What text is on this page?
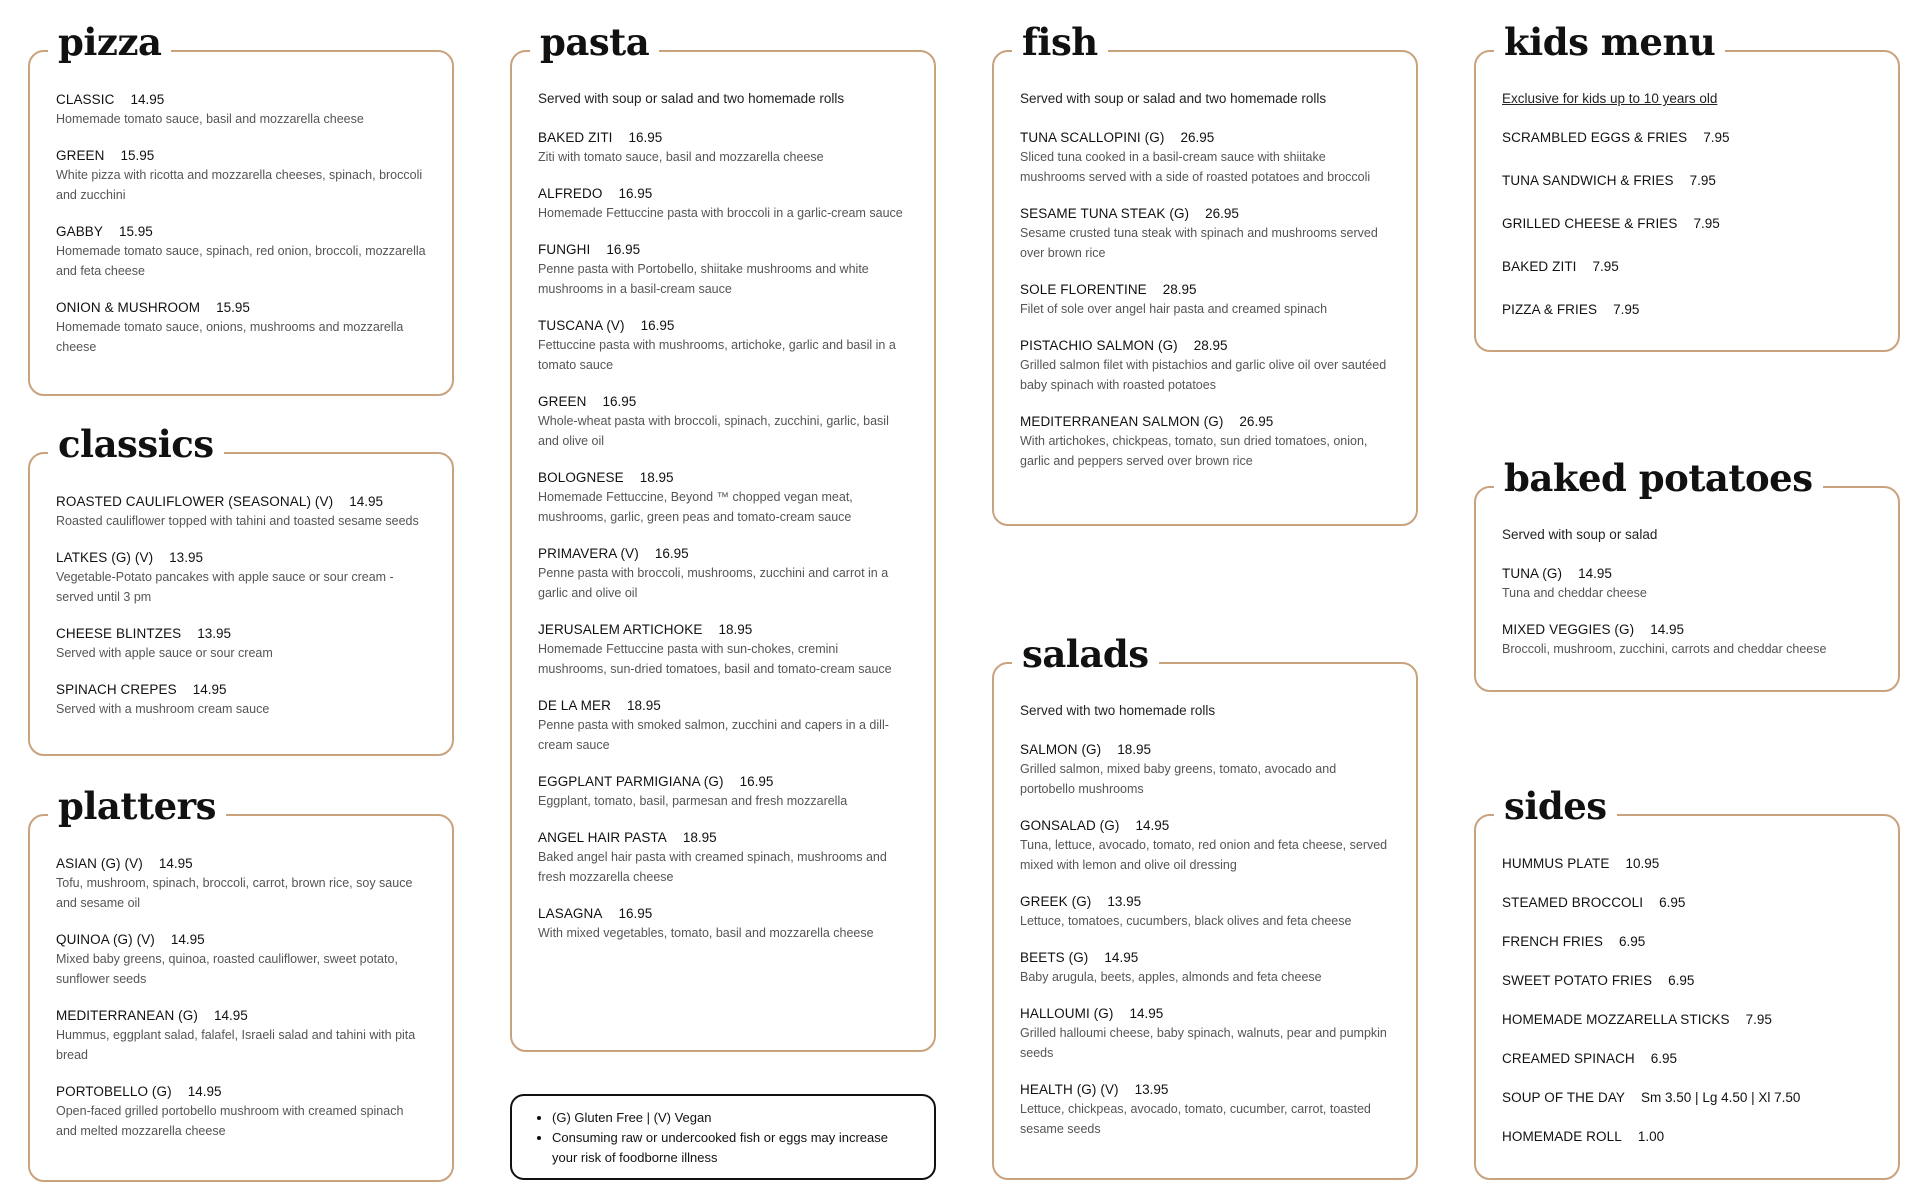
pizza
CLASSIC 14.95
Homemade tomato sauce, basil and mozzarella cheese
GREEN 15.95
White pizza with ricotta and mozzarella cheeses, spinach, broccoli and zucchini
GABBY 15.95
Homemade tomato sauce, spinach, red onion, broccoli, mozzarella and feta cheese
ONION & MUSHROOM 15.95
Homemade tomato sauce, onions, mushrooms and mozzarella cheese
classics
ROASTED CAULIFLOWER (SEASONAL) (V) 14.95
Roasted cauliflower topped with tahini and toasted sesame seeds
LATKES (G) (V) 13.95
Vegetable-Potato pancakes with apple sauce or sour cream - served until 3 pm
CHEESE BLINTZES 13.95
Served with apple sauce or sour cream
SPINACH CREPES 14.95
Served with a mushroom cream sauce
platters
ASIAN (G) (V) 14.95
Tofu, mushroom, spinach, broccoli, carrot, brown rice, soy sauce and sesame oil
QUINOA (G) (V) 14.95
Mixed baby greens, quinoa, roasted cauliflower, sweet potato, sunflower seeds
MEDITERRANEAN (G) 14.95
Hummus, eggplant salad, falafel, Israeli salad and tahini with pita bread
PORTOBELLO (G) 14.95
Open-faced grilled portobello mushroom with creamed spinach and melted mozzarella cheese
pasta
Served with soup or salad and two homemade rolls
BAKED ZITI 16.95
Ziti with tomato sauce, basil and mozzarella cheese
ALFREDO 16.95
Homemade Fettuccine pasta with broccoli in a garlic-cream sauce
FUNGHI 16.95
Penne pasta with Portobello, shiitake mushrooms and white mushrooms in a basil-cream sauce
TUSCANA (V) 16.95
Fettuccine pasta with mushrooms, artichoke, garlic and basil in a tomato sauce
GREEN 16.95
Whole-wheat pasta with broccoli, spinach, zucchini, garlic, basil and olive oil
BOLOGNESE 18.95
Homemade Fettuccine, Beyond ™ chopped vegan meat, mushrooms, garlic, green peas and tomato-cream sauce
PRIMAVERA (V) 16.95
Penne pasta with broccoli, mushrooms, zucchini and carrot in a garlic and olive oil
JERUSALEM ARTICHOKE 18.95
Homemade Fettuccine pasta with sun-chokes, cremini mushrooms, sun-dried tomatoes, basil and tomato-cream sauce
DE LA MER 18.95
Penne pasta with smoked salmon, zucchini and capers in a dill-cream sauce
EGGPLANT PARMIGIANA (G) 16.95
Eggplant, tomato, basil, parmesan and fresh mozzarella
ANGEL HAIR PASTA 18.95
Baked angel hair pasta with creamed spinach, mushrooms and fresh mozzarella cheese
LASAGNA 16.95
With mixed vegetables, tomato, basil and mozzarella cheese
• (G) Gluten Free | (V) Vegan
• Consuming raw or undercooked fish or eggs may increase your risk of foodborne illness
fish
Served with soup or salad and two homemade rolls
TUNA SCALLOPINI (G) 26.95
Sliced tuna cooked in a basil-cream sauce with shiitake mushrooms served with a side of roasted potatoes and broccoli
SESAME TUNA STEAK (G) 26.95
Sesame crusted tuna steak with spinach and mushrooms served over brown rice
SOLE FLORENTINE 28.95
Filet of sole over angel hair pasta and creamed spinach
PISTACHIO SALMON (G) 28.95
Grilled salmon filet with pistachios and garlic olive oil over sautéed baby spinach with roasted potatoes
MEDITERRANEAN SALMON (G) 26.95
With artichokes, chickpeas, tomato, sun dried tomatoes, onion, garlic and peppers served over brown rice
salads
Served with two homemade rolls
SALMON (G) 18.95
Grilled salmon, mixed baby greens, tomato, avocado and portobello mushrooms
GONSALAD (G) 14.95
Tuna, lettuce, avocado, tomato, red onion and feta cheese, served mixed with lemon and olive oil dressing
GREEK (G) 13.95
Lettuce, tomatoes, cucumbers, black olives and feta cheese
BEETS (G) 14.95
Baby arugula, beets, apples, almonds and feta cheese
HALLOUMI (G) 14.95
Grilled halloumi cheese, baby spinach, walnuts, pear and pumpkin seeds
HEALTH (G) (V) 13.95
Lettuce, chickpeas, avocado, tomato, cucumber, carrot, toasted sesame seeds
kids menu
Exclusive for kids up to 10 years old
SCRAMBLED EGGS & FRIES 7.95
TUNA SANDWICH & FRIES 7.95
GRILLED CHEESE & FRIES 7.95
BAKED ZITI 7.95
PIZZA & FRIES 7.95
baked potatoes
Served with soup or salad
TUNA (G) 14.95
Tuna and cheddar cheese
MIXED VEGGIES (G) 14.95
Broccoli, mushroom, zucchini, carrots and cheddar cheese
sides
HUMMUS PLATE 10.95
STEAMED BROCCOLI 6.95
FRENCH FRIES 6.95
SWEET POTATO FRIES 6.95
HOMEMADE MOZZARELLA STICKS 7.95
CREAMED SPINACH 6.95
SOUP OF THE DAY Sm 3.50 | Lg 4.50 | Xl 7.50
HOMEMADE ROLL 1.00
